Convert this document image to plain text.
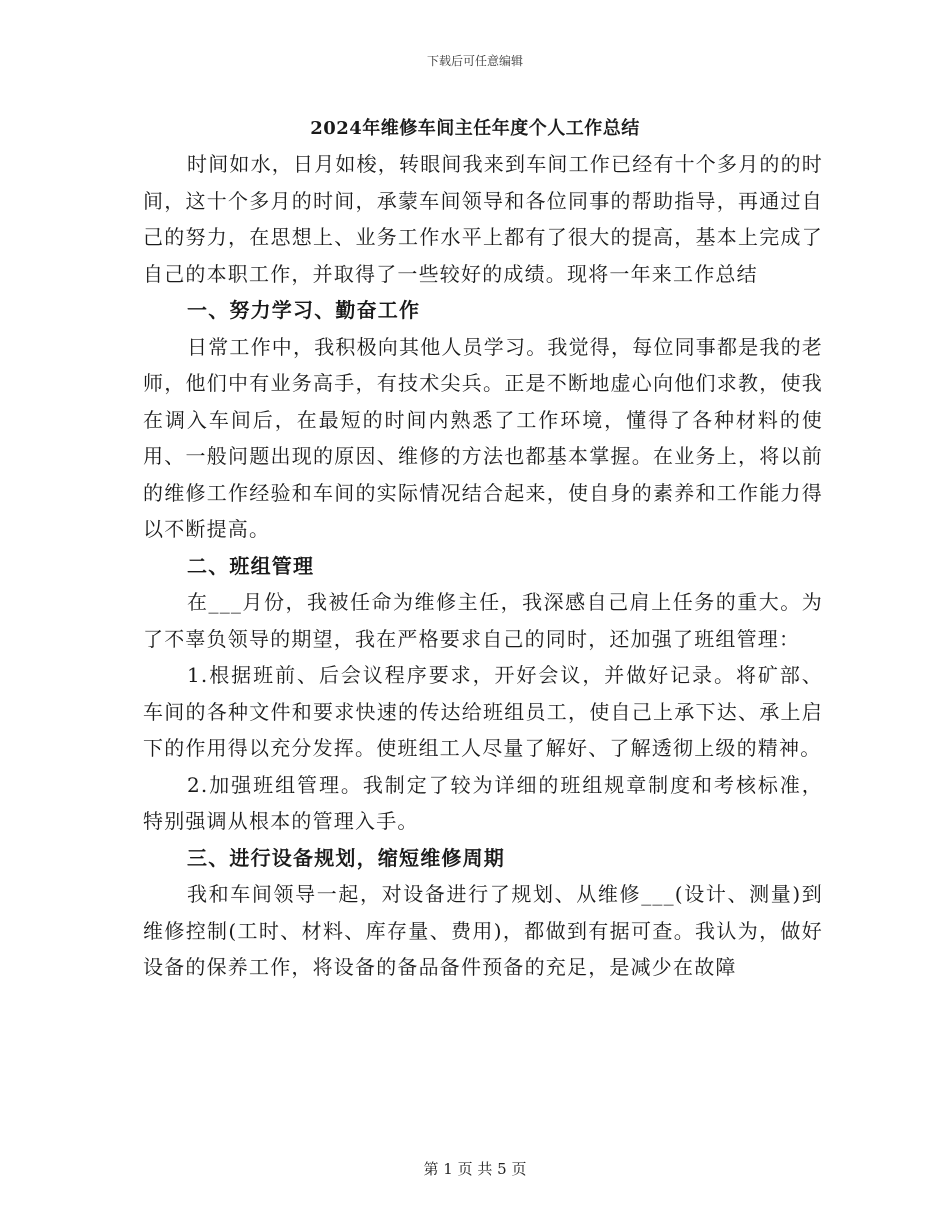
下载后可任意编辑
2024年维修车间主任年度个人工作总结

时间如水，日月如梭，转眼间我来到车间工作已经有十个多月的的时间，这十个多月的时间，承蒙车间领导和各位同事的帮助指导，再通过自己的努力，在思想上、业务工作水平上都有了很大的提高，基本上完成了自己的本职工作，并取得了一些较好的成绩。现将一年来工作总结

一、努力学习、勤奋工作

日常工作中，我积极向其他人员学习。我觉得，每位同事都是我的老师，他们中有业务高手，有技术尖兵。正是不断地虚心向他们求教，使我在调入车间后，在最短的时间内熟悉了工作环境，懂得了各种材料的使用、一般问题出现的原因、维修的方法也都基本掌握。在业务上，将以前的维修工作经验和车间的实际情况结合起来，使自身的素养和工作能力得以不断提高。

二、班组管理

在___月份，我被任命为维修主任，我深感自己肩上任务的重大。为了不辜负领导的期望，我在严格要求自己的同时，还加强了班组管理：

1.根据班前、后会议程序要求，开好会议，并做好记录。将矿部、车间的各种文件和要求快速的传达给班组员工，使自己上承下达、承上启下的作用得以充分发挥。使班组工人尽量了解好、了解透彻上级的精神。

2.加强班组管理。我制定了较为详细的班组规章制度和考核标准，特别强调从根本的管理入手。

三、进行设备规划，缩短维修周期

我和车间领导一起，对设备进行了规划、从维修___(设计、测量)到维修控制(工时、材料、库存量、费用)，都做到有据可查。我认为，做好设备的保养工作，将设备的备品备件预备的充足，是减少在故障

第 1 页 共 5 页
